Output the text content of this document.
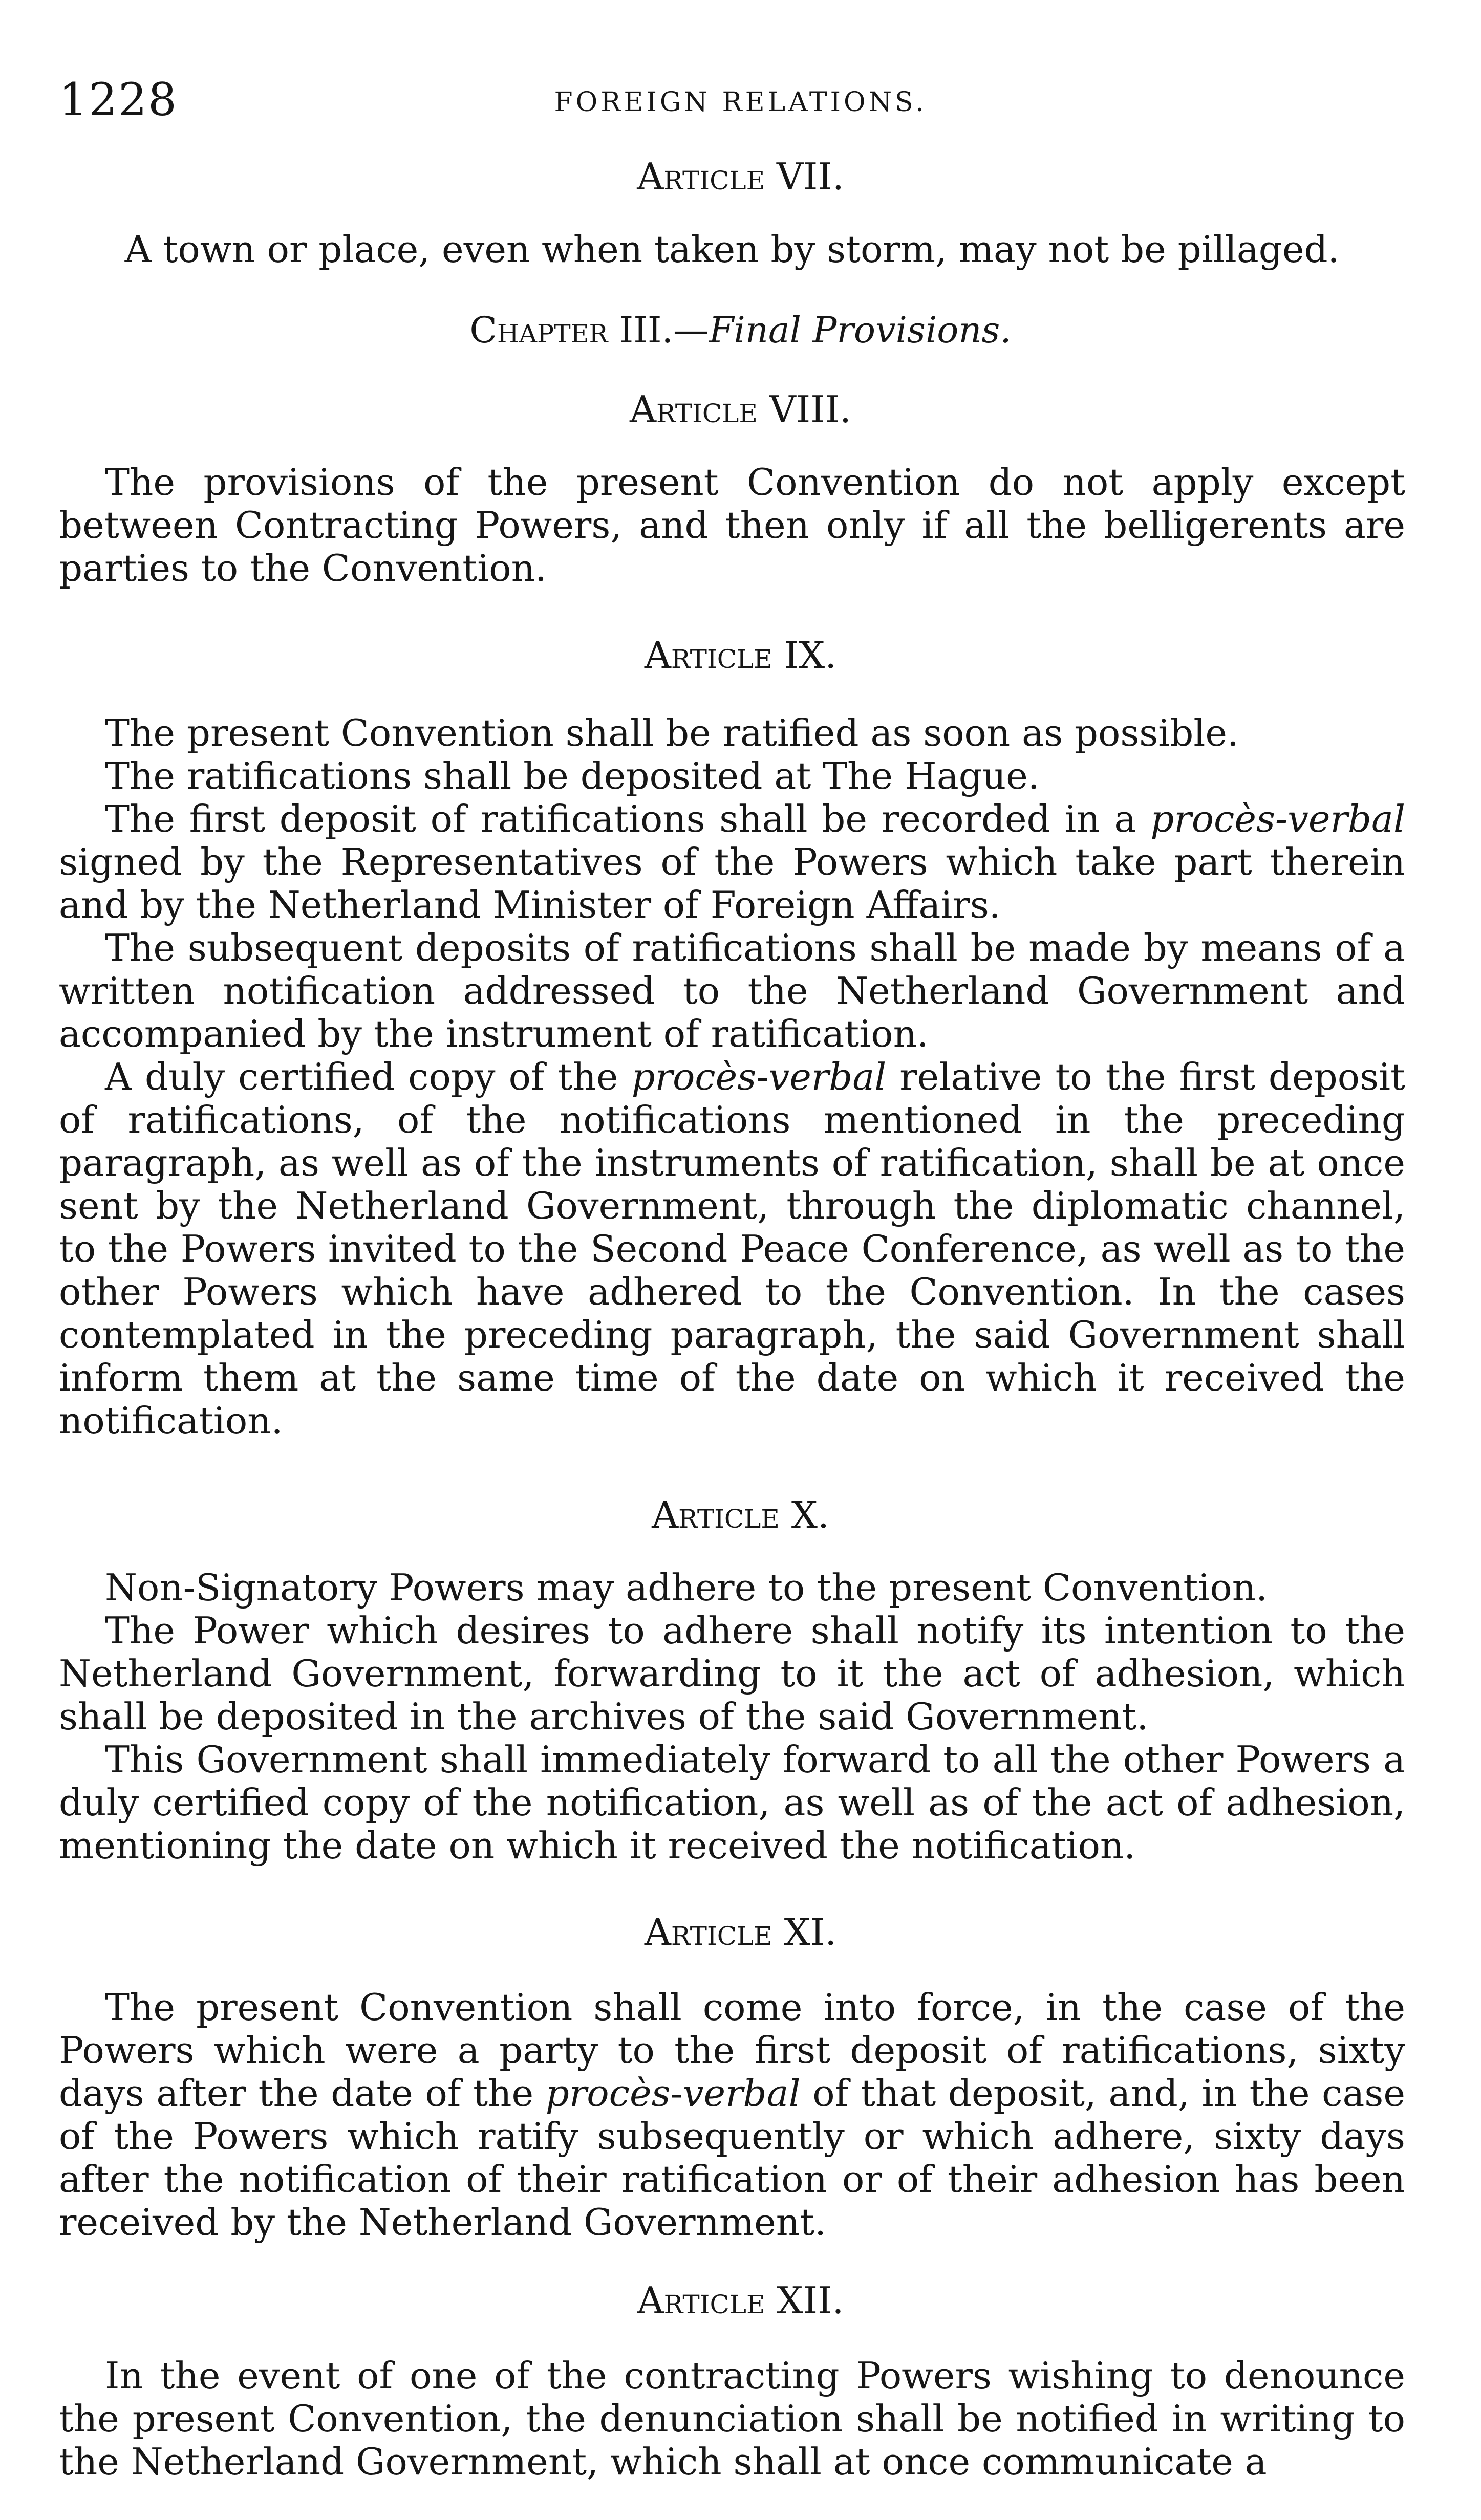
1228	FOREIGN RELATIONS.
Article VII.
A town or place, even when taken by storm, may not be pillaged.
Chapter III.—Final Provisions.
Article VIII.
The provisions of the present Convention do not apply except between Contracting Powers, and then only if all the belligerents are parties to the Convention.
Article IX.
The present Convention shall be ratified as soon as possible.
The ratifications shall be deposited at The Hague.
The first deposit of ratifications shall be recorded in a procès-verbal signed by the Representatives of the Powers which take part therein and by the Netherland Minister of Foreign Affairs.
The subsequent deposits of ratifications shall be made by means of a written notification addressed to the Netherland Government and accompanied by the instrument of ratification.
A duly certified copy of the procès-verbal relative to the first deposit of ratifications, of the notifications mentioned in the preceding paragraph, as well as of the instruments of ratification, shall be at once sent by the Netherland Government, through the diplomatic channel, to the Powers invited to the Second Peace Conference, as well as to the other Powers which have adhered to the Convention. In the cases contemplated in the preceding paragraph, the said Government shall inform them at the same time of the date on which it received the notification.
Article X.
Non-Signatory Powers may adhere to the present Convention.
The Power which desires to adhere shall notify its intention to the Netherland Government, forwarding to it the act of adhesion, which shall be deposited in the archives of the said Government.
This Government shall immediately forward to all the other Powers a duly certified copy of the notification, as well as of the act of adhesion, mentioning the date on which it received the notification.
Article XI.
The present Convention shall come into force, in the case of the Powers which were a party to the first deposit of ratifications, sixty days after the date of the procès-verbal of that deposit, and, in the case of the Powers which ratify subsequently or which adhere, sixty days after the notification of their ratification or of their adhesion has been received by the Netherland Government.
Article XII.
In the event of one of the contracting Powers wishing to denounce the present Convention, the denunciation shall be notified in writing to the Netherland Government, which shall at once communicate a
